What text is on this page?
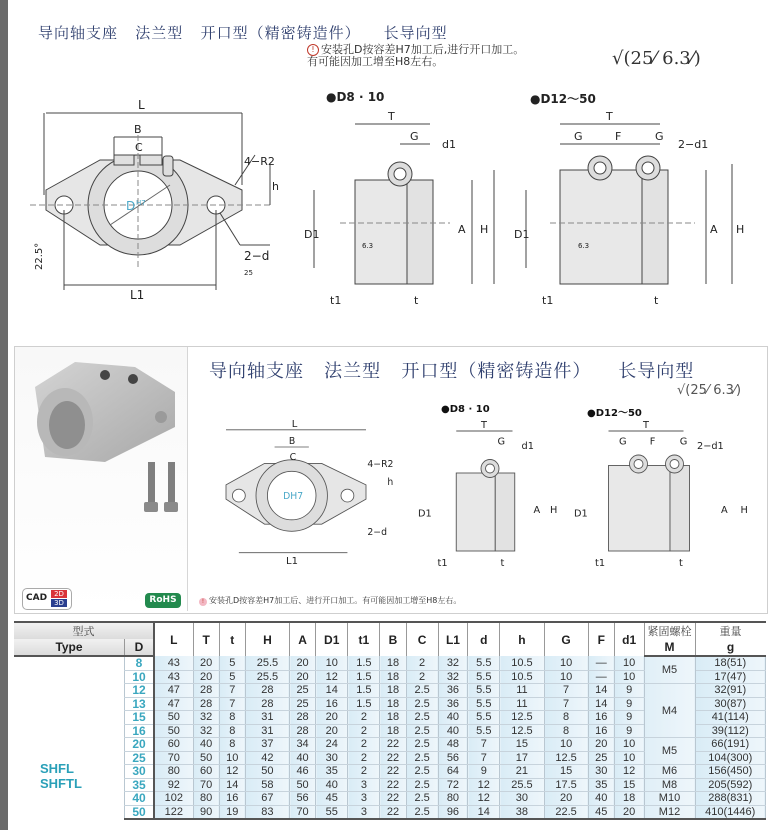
导向轴支座   法兰型   开口型（精密铸造件）    长导向型
! 安装孔D按容差H7加工后,进行开口加工。
有可能因加工增至H8左右。	√(25⁄ 6.3⁄)
L
B
C
D H7
L1
4−R2
h
2−d
25
22.5°
●D8 · 10
T
G
d1
D1	A H
6.3
t1	t
●D12～50
T
G	F	G
2−d1
D1	A H
6.3
t1	t
CAD	2D
3D	RoHS
导向轴支座   法兰型   开口型（精密铸造件）    长导向型
√(25⁄ 6.3⁄)
●D8 · 10	●D12～50
L
B
C
L1
4−R2
h
2−d
DH7
T
G d1
D1	A H
t1	t
T
G F G 2−d1
D1	A H
t1	t
! 安装孔D按容差H7加工后、进行开口加工。有可能因加工增至H8左右。
型式		L	T	t	H	A	D1	t1	B	C	L1	d	h	G	F	d1	紧固螺栓	重量
Type	D																M	g

SHFL
SHFTL	8	43	20	5	25.5	20	10	1.5	18	2	32	5.5	10.5	10	—	10	M5	18(51)
	10	43	20	5	25.5	20	12	1.5	18	2	32	5.5	10.5	10	—	10		17(47)
	12	47	28	7	28	25	14	1.5	18	2.5	36	5.5	11	7	14	9	M4	32(91)
	13	47	28	7	28	25	16	1.5	18	2.5	36	5.5	11	7	14	9		30(87)
	15	50	32	8	31	28	20	2	18	2.5	40	5.5	12.5	8	16	9		41(114)
	16	50	32	8	31	28	20	2	18	2.5	40	5.5	12.5	8	16	9		39(112)
	20	60	40	8	37	34	24	2	22	2.5	48	7	15	10	20	10	M5	66(191)
	25	70	50	10	42	40	30	2	22	2.5	56	7	17	12.5	25	10		104(300)
	30	80	60	12	50	46	35	2	22	2.5	64	9	21	15	30	12	M6	156(450)
	35	92	70	14	58	50	40	3	22	2.5	72	12	25.5	17.5	35	15	M8	205(592)
	40	102	80	16	67	56	45	3	22	2.5	80	12	30	20	40	18	M10	288(831)
	50	122	90	19	83	70	55	3	22	2.5	96	14	38	22.5	45	20	M12	410(1446)
